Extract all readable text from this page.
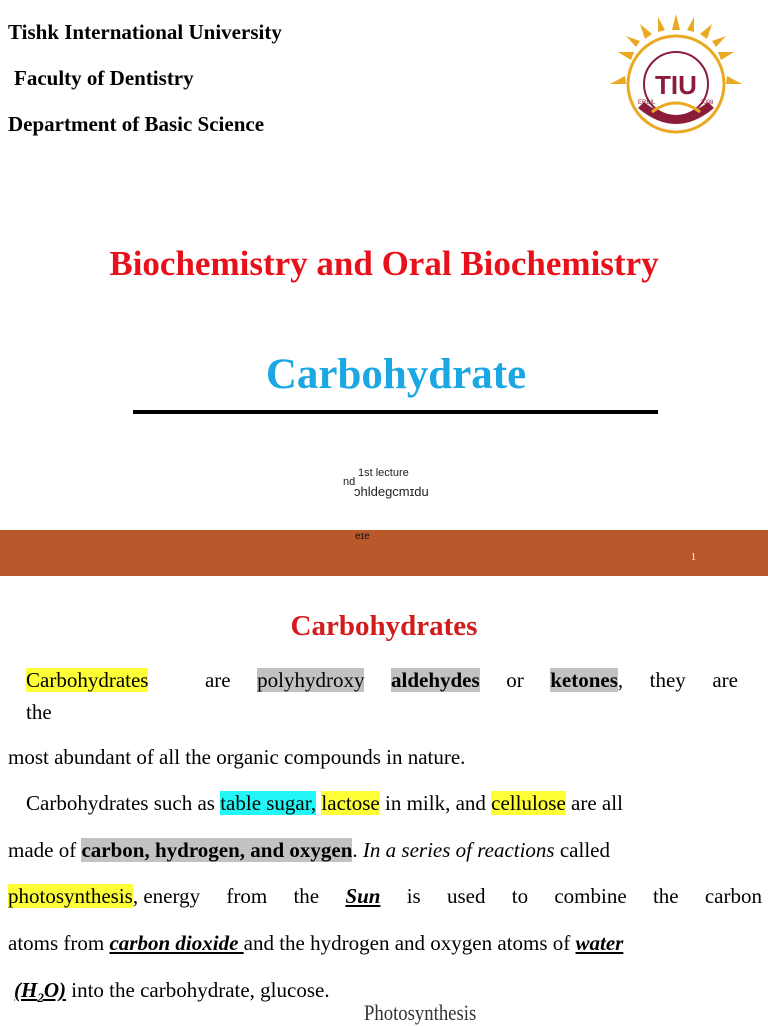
Tishk International University
Faculty of Dentistry
Department of Basic Science
TIU
ERBIL	2008
Biochemistry and Oral Biochemistry
Carbohydrate
1st lecture
nd
ɔhldegcmɪdu
eɪe
1
Carbohydrates
Carbohydrates	are polyhydroxy aldehydes or ketones, they are
the
most abundant of all the organic compounds in nature.
Carbohydrates such as table sugar, lactose in milk, and cellulose are all
made of carbon, hydrogen, and oxygen. In a series of reactions called
photosynthesis, energy from the Sun is used to combine the carbon
atoms from carbon dioxide and the hydrogen and oxygen atoms of water
$(H_2O)$ into the carbohydrate, glucose.
Photosynthesis
